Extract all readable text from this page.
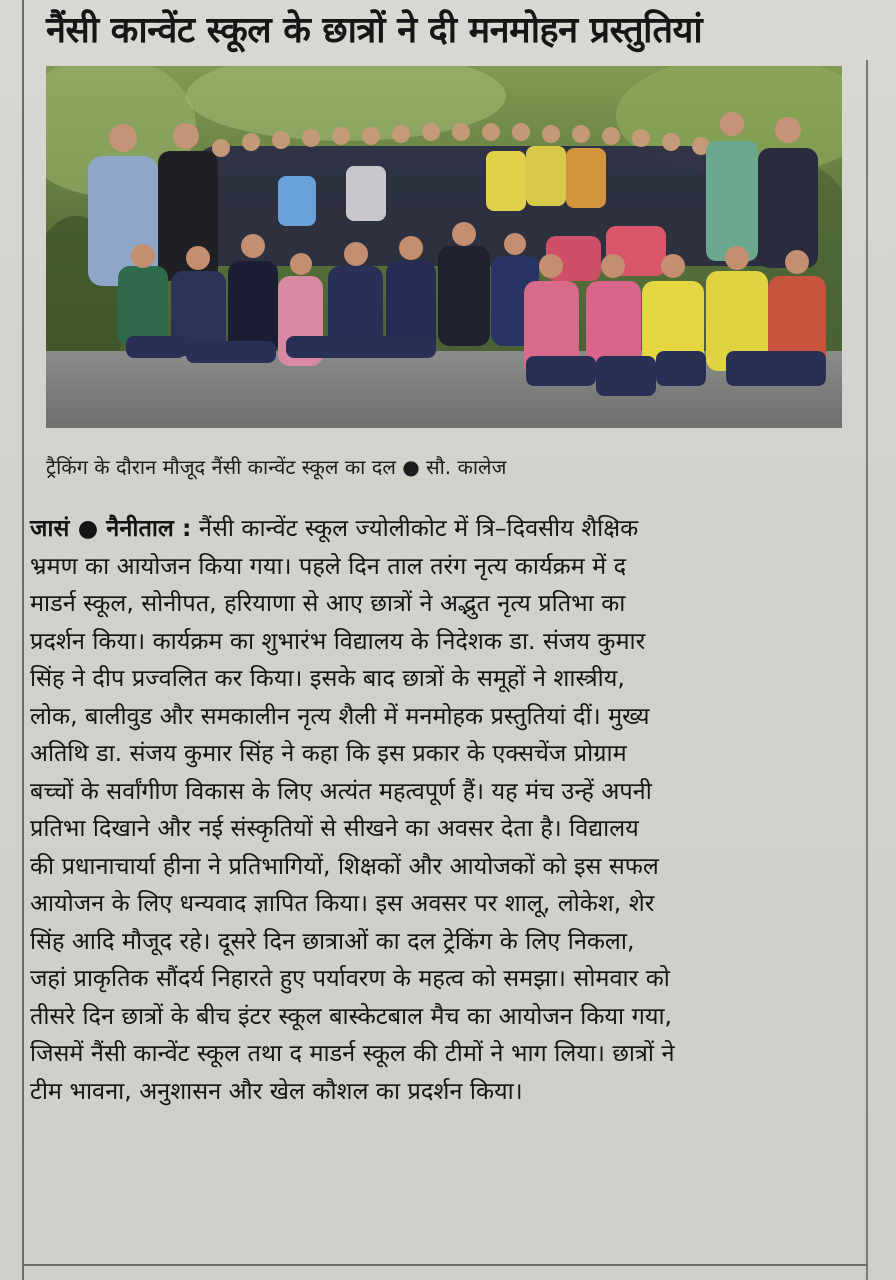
नैंसी कान्वेंट स्कूल के छात्रों ने दी मनमोहन प्रस्तुतियां
ट्रैकिंग के दौरान मौजूद नैंसी कान्वेंट स्कूल का दल ● सौ. कालेज
जासं ● नैनीताल : नैंसी कान्वेंट स्कूल ज्योलीकोट में त्रि–दिवसीय शैक्षिक
भ्रमण का आयोजन किया गया। पहले दिन ताल तरंग नृत्य कार्यक्रम में द
माडर्न स्कूल, सोनीपत, हरियाणा से आए छात्रों ने अद्भुत नृत्य प्रतिभा का
प्रदर्शन किया। कार्यक्रम का शुभारंभ विद्यालय के निदेशक डा. संजय कुमार
सिंह ने दीप प्रज्वलित कर किया। इसके बाद छात्रों के समूहों ने शास्त्रीय,
लोक, बालीवुड और समकालीन नृत्य शैली में मनमोहक प्रस्तुतियां दीं। मुख्य
अतिथि डा. संजय कुमार सिंह ने कहा कि इस प्रकार के एक्सचेंज प्रोग्राम
बच्चों के सर्वांगीण विकास के लिए अत्यंत महत्वपूर्ण हैं। यह मंच उन्हें अपनी
प्रतिभा दिखाने और नई संस्कृतियों से सीखने का अवसर देता है। विद्यालय
की प्रधानाचार्या हीना ने प्रतिभागियों, शिक्षकों और आयोजकों को इस सफल
आयोजन के लिए धन्यवाद ज्ञापित किया। इस अवसर पर शालू, लोकेश, शेर
सिंह आदि मौजूद रहे। दूसरे दिन छात्राओं का दल ट्रेकिंग के लिए निकला,
जहां प्राकृतिक सौंदर्य निहारते हुए पर्यावरण के महत्व को समझा। सोमवार को
तीसरे दिन छात्रों के बीच इंटर स्कूल बास्केटबाल मैच का आयोजन किया गया,
जिसमें नैंसी कान्वेंट स्कूल तथा द माडर्न स्कूल की टीमों ने भाग लिया। छात्रों ने
टीम भावना, अनुशासन और खेल कौशल का प्रदर्शन किया।
